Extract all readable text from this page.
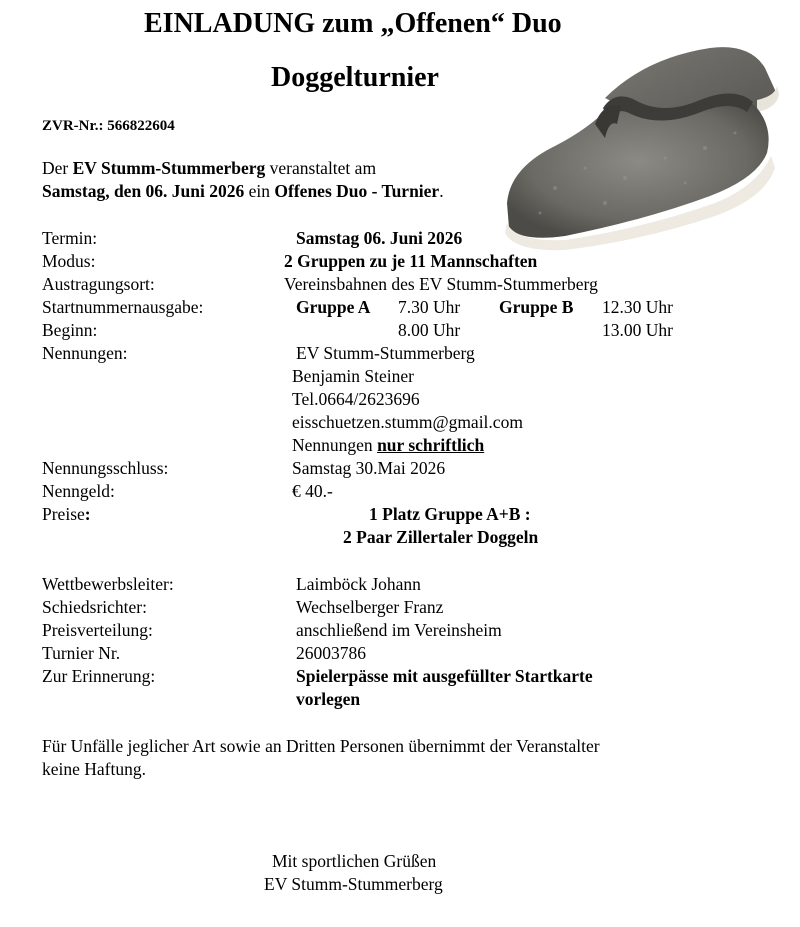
EINLADUNG zum „Offenen“ Duo
Doggelturnier
ZVR-Nr.: 566822604
Der EV Stumm-Stummerberg veranstaltet am
Samstag, den 06. Juni 2026 ein Offenes Duo - Turnier.
Termin:	Samstag 06. Juni 2026
Modus:	2 Gruppen zu je 11 Mannschaften
Austragungsort:	Vereinsbahnen des EV Stumm-Stummerberg
Startnummernausgabe:	Gruppe A 7.30 Uhr Gruppe B 12.30 Uhr
Beginn:	8.00 Uhr	13.00 Uhr
Nennungen:	EV Stumm-Stummerberg
Benjamin Steiner
Tel.0664/2623696
eisschuetzen.stumm@gmail.com
Nennungen nur schriftlich
Nennungsschluss:	Samstag 30.Mai 2026
Nenngeld:	€ 40.-
Preise:	1 Platz Gruppe A+B :
2 Paar Zillertaler Doggeln
Wettbewerbsleiter:	Laimböck Johann
Schiedsrichter:	Wechselberger Franz
Preisverteilung:	anschließend im Vereinsheim
Turnier Nr.	26003786
Zur Erinnerung:	Spielerpässe mit ausgefüllter Startkarte
vorlegen
Für Unfälle jeglicher Art sowie an Dritten Personen übernimmt der Veranstalter
keine Haftung.
Mit sportlichen Grüßen
EV Stumm-Stummerberg
